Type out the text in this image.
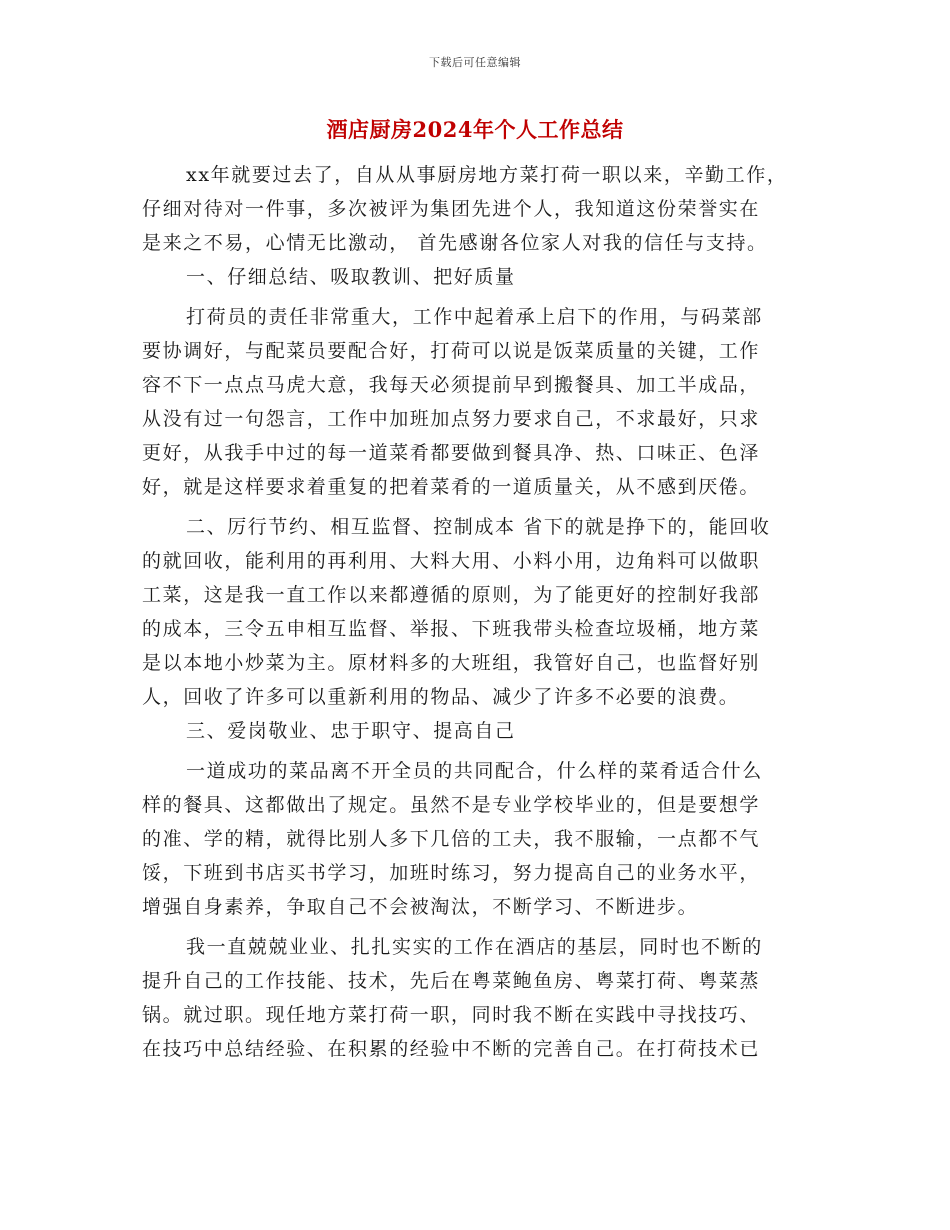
下载后可任意编辑
酒店厨房2024年个人工作总结
xx年就要过去了，自从从事厨房地方菜打荷一职以来，辛勤工作，
仔细对待对一件事，多次被评为集团先进个人，我知道这份荣誉实在
是来之不易，心情无比激动， 首先感谢各位家人对我的信任与支持。
一、仔细总结、吸取教训、把好质量
打荷员的责任非常重大，工作中起着承上启下的作用，与码菜部
要协调好，与配菜员要配合好，打荷可以说是饭菜质量的关键，工作
容不下一点点马虎大意，我每天必须提前早到搬餐具、加工半成品，
从没有过一句怨言，工作中加班加点努力要求自己，不求最好，只求
更好，从我手中过的每一道菜肴都要做到餐具净、热、口味正、色泽
好，就是这样要求着重复的把着菜肴的一道质量关，从不感到厌倦。
二、厉行节约、相互监督、控制成本 省下的就是挣下的，能回收
的就回收，能利用的再利用、大料大用、小料小用，边角料可以做职
工菜，这是我一直工作以来都遵循的原则，为了能更好的控制好我部
的成本，三令五申相互监督、举报、下班我带头检查垃圾桶，地方菜
是以本地小炒菜为主。原材料多的大班组，我管好自己，也监督好别
人，回收了许多可以重新利用的物品、减少了许多不必要的浪费。
三、爱岗敬业、忠于职守、提高自己
一道成功的菜品离不开全员的共同配合，什么样的菜肴适合什么
样的餐具、这都做出了规定。虽然不是专业学校毕业的，但是要想学
的准、学的精，就得比别人多下几倍的工夫，我不服输，一点都不气
馁，下班到书店买书学习，加班时练习，努力提高自己的业务水平，
增强自身素养，争取自己不会被淘汰，不断学习、不断进步。
我一直兢兢业业、扎扎实实的工作在酒店的基层，同时也不断的
提升自己的工作技能、技术，先后在粤菜鲍鱼房、粤菜打荷、粤菜蒸
锅。就过职。现任地方菜打荷一职，同时我不断在实践中寻找技巧、
在技巧中总结经验、在积累的经验中不断的完善自己。在打荷技术已
